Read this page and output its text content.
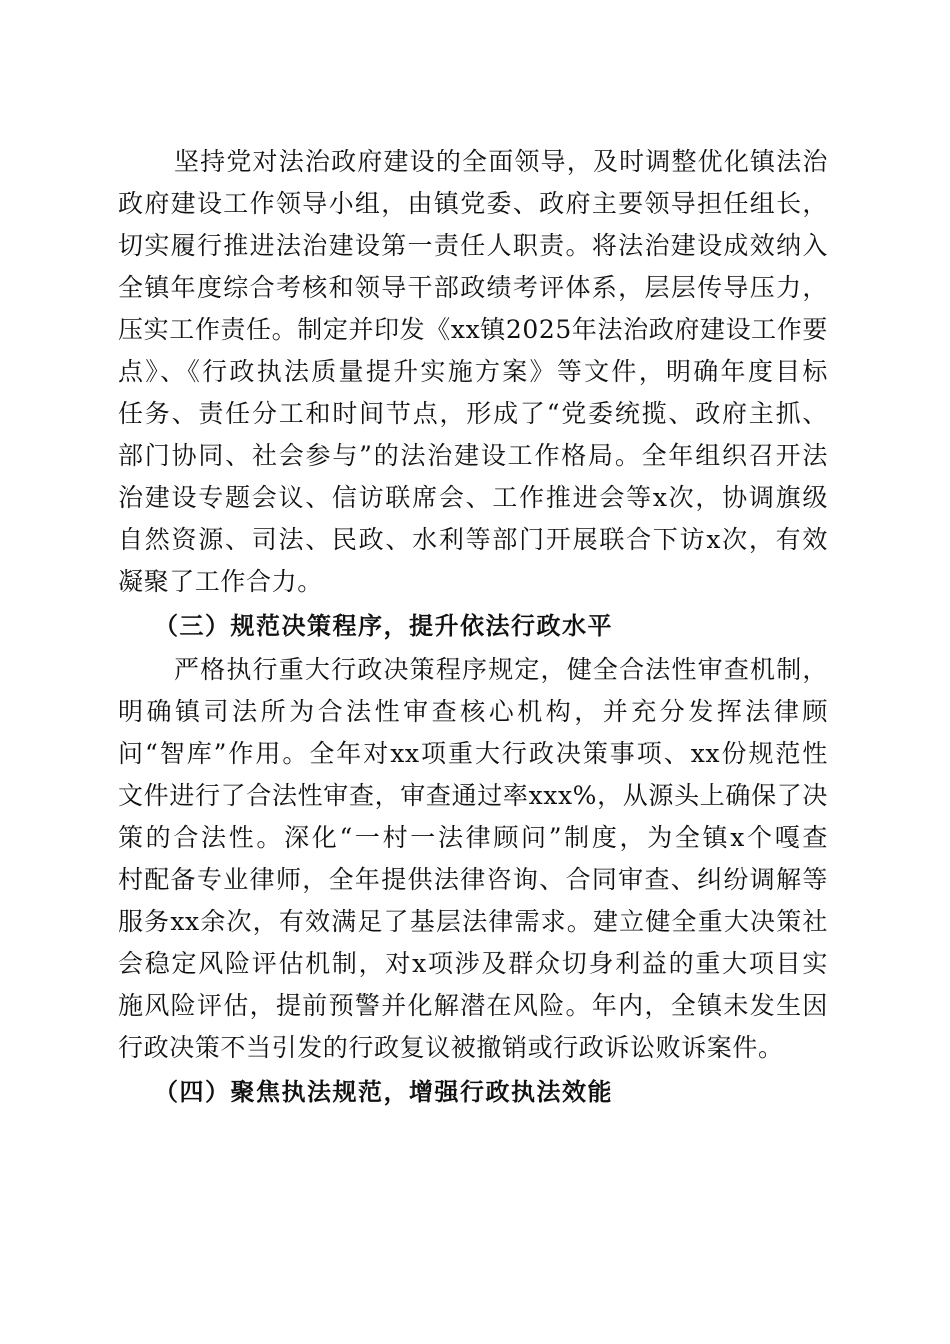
坚持党对法治政府建设的全面领导，及时调整优化镇法治
政府建设工作领导小组，由镇党委、政府主要领导担任组长，
切实履行推进法治建设第一责任人职责。将法治建设成效纳入
全镇年度综合考核和领导干部政绩考评体系，层层传导压力，
压实工作责任。制定并印发《xx镇2025年法治政府建设工作要
点》、《行政执法质量提升实施方案》等文件，明确年度目标
任务、责任分工和时间节点，形成了“党委统揽、政府主抓、
部门协同、社会参与”的法治建设工作格局。全年组织召开法
治建设专题会议、信访联席会、工作推进会等x次，协调旗级
自然资源、司法、民政、水利等部门开展联合下访x次，有效
凝聚了工作合力。
（三）规范决策程序，提升依法行政水平
严格执行重大行政决策程序规定，健全合法性审查机制，
明确镇司法所为合法性审查核心机构，并充分发挥法律顾
问“智库”作用。全年对xx项重大行政决策事项、xx份规范性
文件进行了合法性审查，审查通过率xxx%，从源头上确保了决
策的合法性。深化“一村一法律顾问”制度，为全镇x个嘎查
村配备专业律师，全年提供法律咨询、合同审查、纠纷调解等
服务xx余次，有效满足了基层法律需求。建立健全重大决策社
会稳定风险评估机制，对x项涉及群众切身利益的重大项目实
施风险评估，提前预警并化解潜在风险。年内，全镇未发生因
行政决策不当引发的行政复议被撤销或行政诉讼败诉案件。
（四）聚焦执法规范，增强行政执法效能
